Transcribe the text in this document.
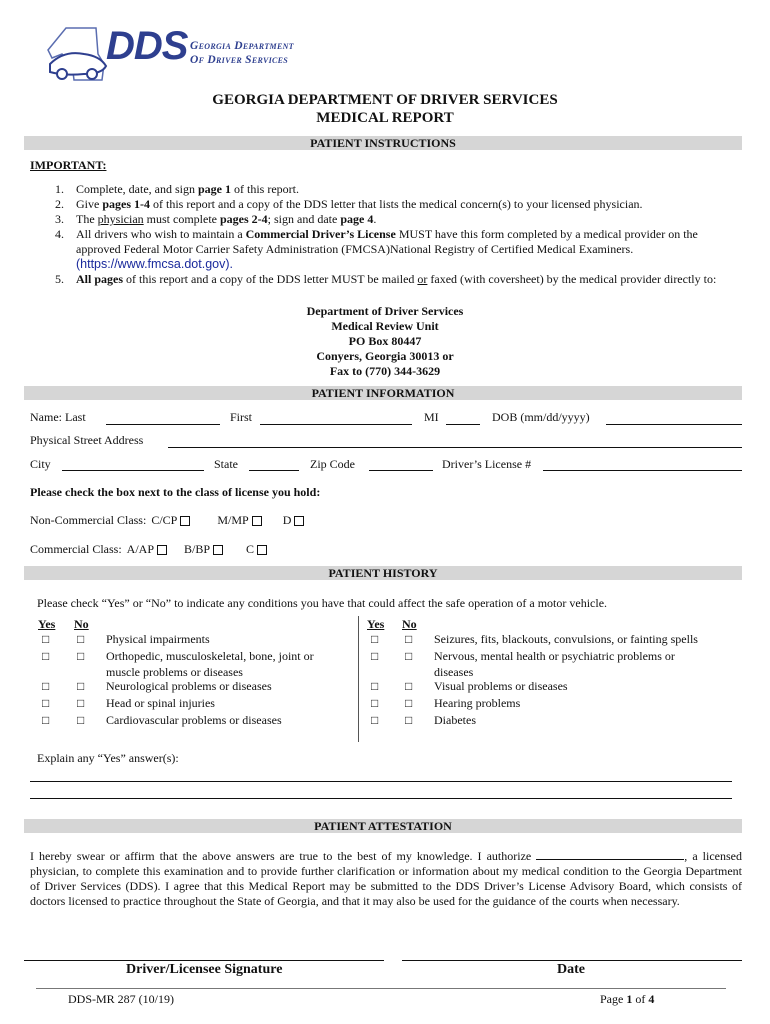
DDS Georgia Department
Of Driver Services
GEORGIA DEPARTMENT OF DRIVER SERVICES
MEDICAL REPORT
PATIENT INSTRUCTIONS
IMPORTANT:
1. Complete, date, and sign page 1 of this report.
2. Give pages 1-4 of this report and a copy of the DDS letter that lists the medical concern(s) to your licensed physician.
3. The physician must complete pages 2-4; sign and date page 4.
4. All drivers who wish to maintain a Commercial Driver’s License MUST have this form completed by a medical provider on the approved Federal Motor Carrier Safety Administration (FMCSA)National Registry of Certified Medical Examiners.
(https://www.fmcsa.dot.gov).
5. All pages of this report and a copy of the DDS letter MUST be mailed or faxed (with coversheet) by the medical provider directly to:
Department of Driver Services
Medical Review Unit
PO Box 80447
Conyers, Georgia 30013 or
Fax to (770) 344-3629
PATIENT INFORMATION
Name: Last	First	MI	DOB (mm/dd/yyyy)
Physical Street Address
City	State	Zip Code	Driver’s License #
Please check the box next to the class of license you hold:
Non-Commercial Class: C/CP	M/MP	D
Commercial Class: A/AP	B/BP	C
PATIENT HISTORY
Please check “Yes” or “No” to indicate any conditions you have that could affect the safe operation of a motor vehicle.
Yes No	Yes No
□ □ Physical impairments
□ □ Orthopedic, musculoskeletal, bone, joint or muscle problems or diseases
□ □ Neurological problems or diseases
□ □ Head or spinal injuries
□ □ Cardiovascular problems or diseases
□ □ Seizures, fits, blackouts, convulsions, or fainting spells
□ □ Nervous, mental health or psychiatric problems or diseases
□ □ Visual problems or diseases
□ □ Hearing problems
□ □ Diabetes
Explain any “Yes” answer(s):
PATIENT ATTESTATION
I hereby swear or affirm that the above answers are true to the best of my knowledge. I authorize	, a licensed physician, to complete this examination and to provide further clarification or information about my medical condition to the Georgia Department of Driver Services (DDS). I agree that this Medical Report may be submitted to the DDS Driver’s License Advisory Board, which consists of doctors licensed to practice throughout the State of Georgia, and that it may also be used for the guidance of the courts when necessary.
Driver/Licensee Signature	Date
DDS-MR 287 (10/19)	Page 1 of 4
